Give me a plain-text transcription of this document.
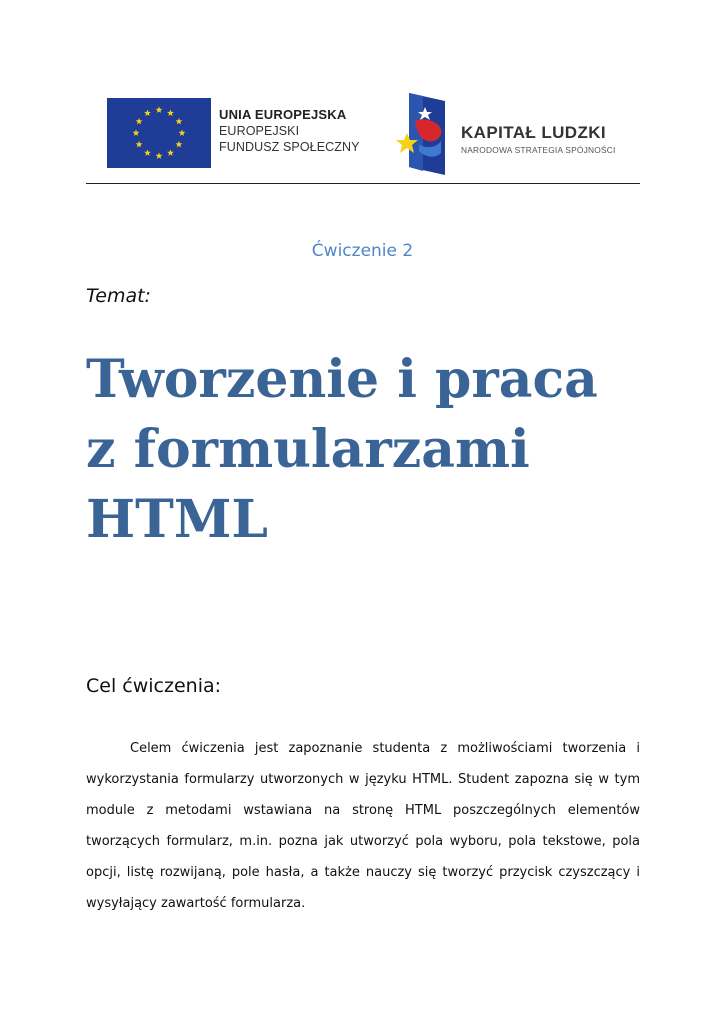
UNIA EUROPEJSKA
EUROPEJSKI
FUNDUSZ SPOŁECZNY
KAPITAŁ LUDZKI
NARODOWA STRATEGIA SPÓJNOŚCI
Ćwiczenie 2
Temat:
Tworzenie i praca
z formularzami
HTML
Cel ćwiczenia:

Celem ćwiczenia jest zapoznanie studenta z możliwościami tworzenia i wykorzystania formularzy utworzonych w języku HTML. Student zapozna się w tym module z metodami wstawiana na stronę HTML poszczególnych elementów tworzących formularz, m.in. pozna jak utworzyć pola wyboru, pola tekstowe, pola opcji, listę rozwijaną, pole hasła, a także nauczy się tworzyć przycisk czyszczący i wysyłający zawartość formularza.
